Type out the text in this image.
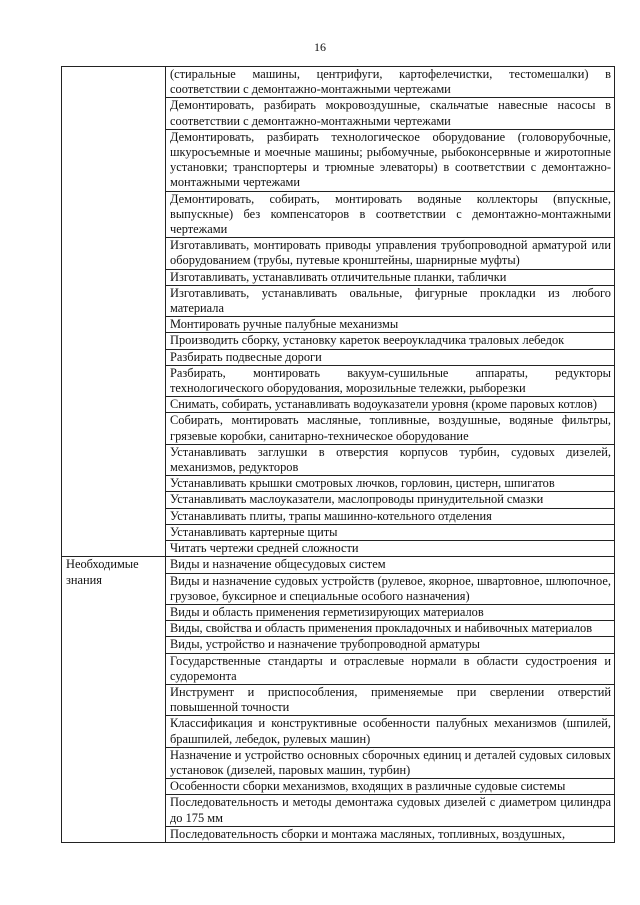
16
	(стиральные машины, центрифуги, картофелечистки, тестомешалки) в соответствии с демонтажно-монтажными чертежами
	Демонтировать, разбирать мокровоздушные, скальчатые навесные насосы в соответствии с демонтажно-монтажными чертежами
	Демонтировать, разбирать технологическое оборудование (головорубочные, шкуросъемные и моечные машины; рыбомучные, рыбоконсервные и жиротопные установки; транспортеры и трюмные элеваторы) в соответствии с демонтажно-монтажными чертежами
	Демонтировать, собирать, монтировать водяные коллекторы (впускные, выпускные) без компенсаторов в соответствии с демонтажно-монтажными чертежами
	Изготавливать, монтировать приводы управления трубопроводной арматурой или оборудованием (трубы, путевые кронштейны, шарнирные муфты)
	Изготавливать, устанавливать отличительные планки, таблички
	Изготавливать, устанавливать овальные, фигурные прокладки из любого материала
	Монтировать ручные палубные механизмы
	Производить сборку, установку кареток веероукладчика траловых лебедок
	Разбирать подвесные дороги
	Разбирать, монтировать вакуум-сушильные аппараты, редукторы технологического оборудования, морозильные тележки, рыборезки
	Снимать, собирать, устанавливать водоуказатели уровня (кроме паровых котлов)
	Собирать, монтировать масляные, топливные, воздушные, водяные фильтры, грязевые коробки, санитарно-техническое оборудование
	Устанавливать заглушки в отверстия корпусов турбин, судовых дизелей, механизмов, редукторов
	Устанавливать крышки смотровых лючков, горловин, цистерн, шпигатов
	Устанавливать маслоуказатели, маслопроводы принудительной смазки
	Устанавливать плиты, трапы машинно-котельного отделения
	Устанавливать картерные щиты
	Читать чертежи средней сложности
Необходимые знания	Виды и назначение общесудовых систем
	Виды и назначение судовых устройств (рулевое, якорное, швартовное, шлюпочное, грузовое, буксирное и специальные особого назначения)
	Виды и область применения герметизирующих материалов
	Виды, свойства и область применения прокладочных и набивочных материалов
	Виды, устройство и назначение трубопроводной арматуры
	Государственные стандарты и отраслевые нормали в области судостроения и судоремонта
	Инструмент и приспособления, применяемые при сверлении отверстий повышенной точности
	Классификация и конструктивные особенности палубных механизмов (шпилей, брашпилей, лебедок, рулевых машин)
	Назначение и устройство основных сборочных единиц и деталей судовых силовых установок (дизелей, паровых машин, турбин)
	Особенности сборки механизмов, входящих в различные судовые системы
	Последовательность и методы демонтажа судовых дизелей с диаметром цилиндра до 175 мм
	Последовательность сборки и монтажа масляных, топливных, воздушных,
